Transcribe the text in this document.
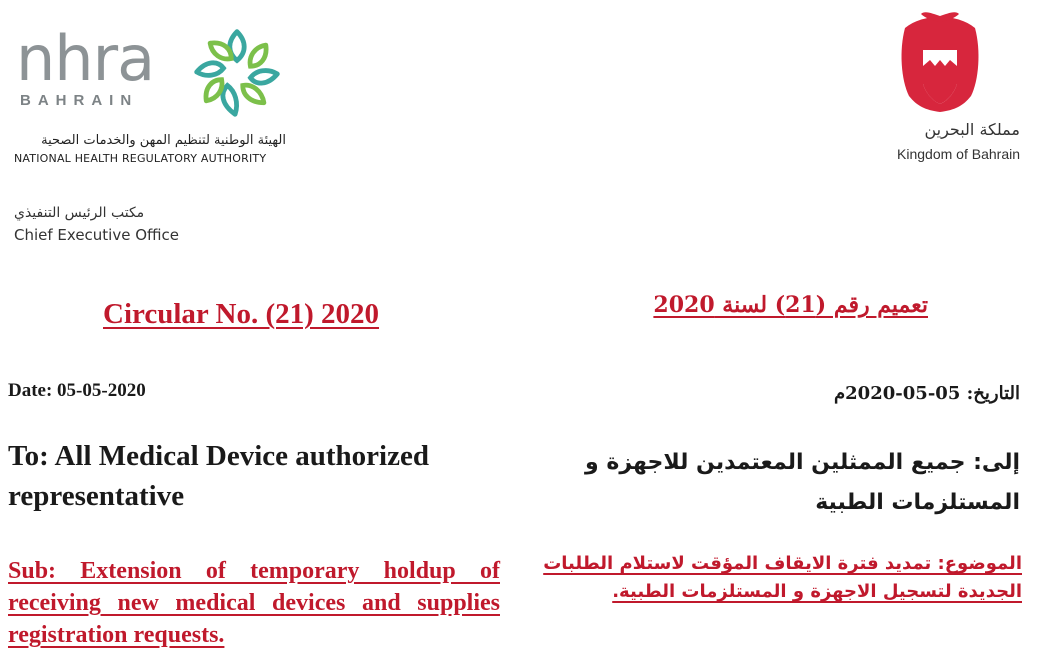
nhra
BAHRAIN
الهيئة الوطنية لتنظيم المهن والخدمات الصحية
NATIONAL HEALTH REGULATORY AUTHORITY
مكتب الرئيس التنفيذي
Chief Executive Office
مملكة البحرين
Kingdom of Bahrain
Circular No. (21) 2020	تعميم رقم (21) لسنة 2020
Date: 05-05-2020	التاريخ: 05-05-2020م
To: All Medical Device authorized representative
إلى: جميع الممثلين المعتمدين للاجهزة و المستلزمات الطبية
Sub: Extension of temporary holdup of receiving new medical devices and supplies registration requests.
الموضوع: تمديد فترة الايقاف المؤقت لاستلام الطلبات الجديدة لتسجيل الاجهزة و المستلزمات الطبية.
